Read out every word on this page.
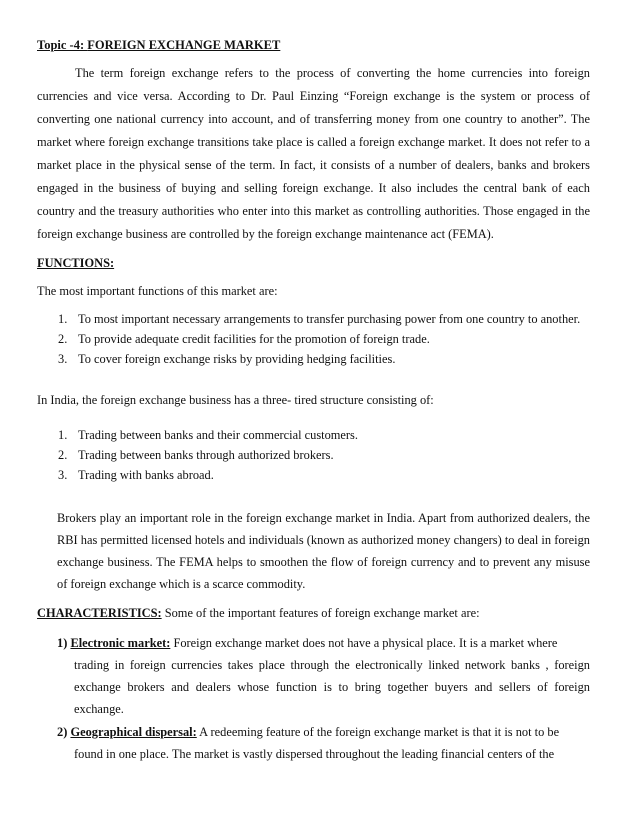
Topic -4: FOREIGN EXCHANGE MARKET

The term foreign exchange refers to the process of converting the home currencies into foreign currencies and vice versa. According to Dr. Paul Einzing “Foreign exchange is the system or process of converting one national currency into account, and of transferring money from one country to another”. The market where foreign exchange transitions take place is called a foreign exchange market. It does not refer to a market place in the physical sense of the term. In fact, it consists of a number of dealers, banks and brokers engaged in the business of buying and selling foreign exchange. It also includes the central bank of each country and the treasury authorities who enter into this market as controlling authorities. Those engaged in the foreign exchange business are controlled by the foreign exchange maintenance act (FEMA).

FUNCTIONS:
The most important functions of this market are:
1. To most important necessary arrangements to transfer purchasing power from one country to another.
2. To provide adequate credit facilities for the promotion of foreign trade.
3. To cover foreign exchange risks by providing hedging facilities.
In India, the foreign exchange business has a three- tired structure consisting of:
1. Trading between banks and their commercial customers.
2. Trading between banks through authorized brokers.
3. Trading with banks abroad.

Brokers play an important role in the foreign exchange market in India. Apart from authorized dealers, the RBI has permitted licensed hotels and individuals (known as authorized money changers) to deal in foreign exchange business. The FEMA helps to smoothen the flow of foreign currency and to prevent any misuse of foreign exchange which is a scarce commodity.

CHARACTERISTICS: Some of the important features of foreign exchange market are:
1) Electronic market: Foreign exchange market does not have a physical place. It is a market where
trading in foreign currencies takes place through the electronically linked network banks , foreign exchange brokers and dealers whose function is to bring together buyers and sellers of foreign exchange.
2) Geographical dispersal: A redeeming feature of the foreign exchange market is that it is not to be
found in one place. The market is vastly dispersed throughout the leading financial centers of the
